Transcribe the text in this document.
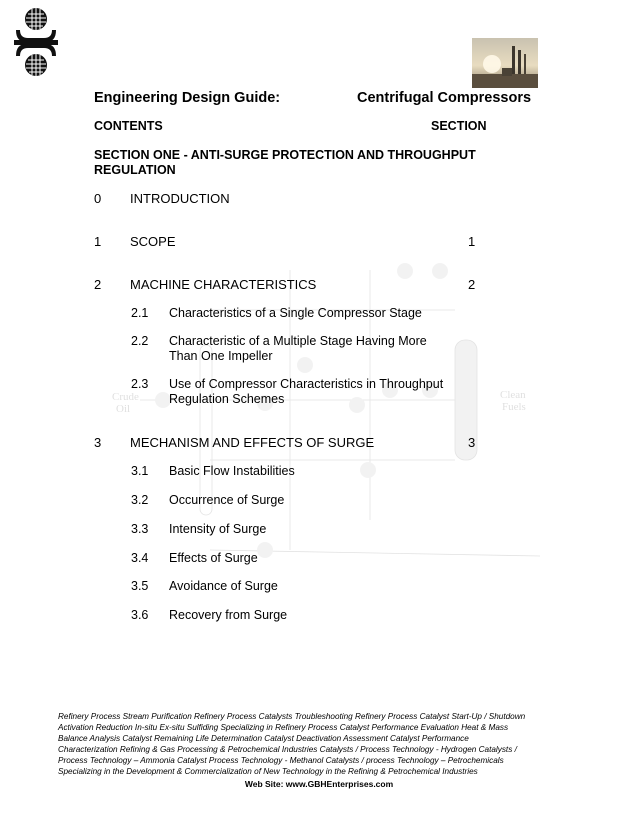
Crude
Oil
Clean
Fuels
Engineering Design Guide:	Centrifugal Compressors
CONTENTS	SECTION
SECTION ONE - ANTI-SURGE PROTECTION AND THROUGHPUT
REGULATION
0 INTRODUCTION
1 SCOPE	1
2 MACHINE CHARACTERISTICS	2
2.1 Characteristics of a Single Compressor Stage
2.2 Characteristic of a Multiple Stage Having More
Than One Impeller
2.3 Use of Compressor Characteristics in Throughput
Regulation Schemes
3 MECHANISM AND EFFECTS OF SURGE	3
3.1 Basic Flow Instabilities
3.2 Occurrence of Surge
3.3 Intensity of Surge
3.4 Effects of Surge
3.5 Avoidance of Surge
3.6 Recovery from Surge
Refinery Process Stream Purification Refinery Process Catalysts Troubleshooting Refinery Process Catalyst Start-Up / Shutdown
Activation Reduction In-situ Ex-situ Sulfiding Specializing in Refinery Process Catalyst Performance Evaluation Heat & Mass
Balance Analysis Catalyst Remaining Life Determination Catalyst Deactivation Assessment Catalyst Performance
Characterization Refining & Gas Processing & Petrochemical Industries Catalysts / Process Technology - Hydrogen Catalysts /
Process Technology – Ammonia Catalyst Process Technology - Methanol Catalysts / process Technology – Petrochemicals
Specializing in the Development & Commercialization of New Technology in the Refining & Petrochemical Industries
Web Site: www.GBHEnterprises.com
